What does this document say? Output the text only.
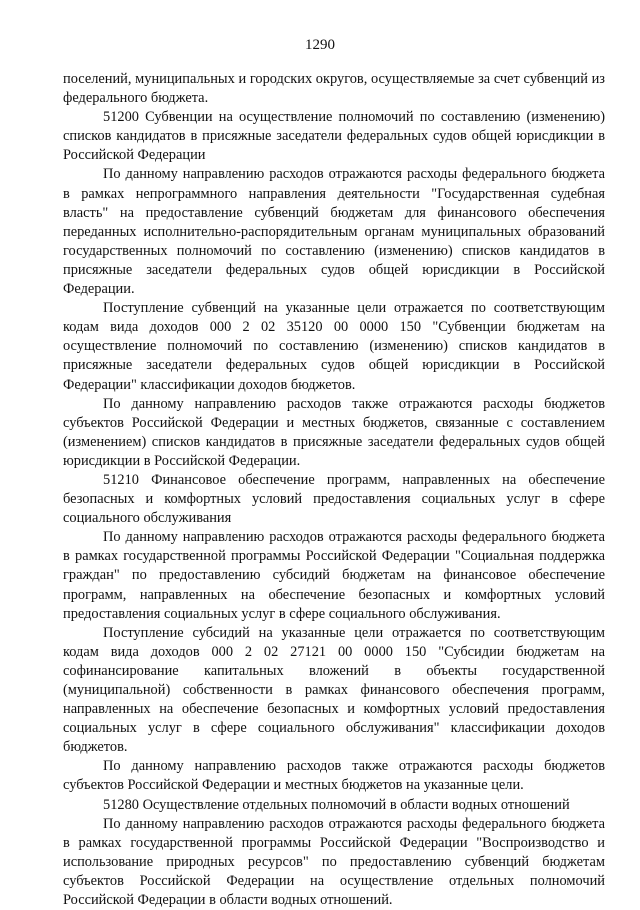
1290

поселений, муниципальных и городских округов, осуществляемые за счет субвенций из федерального бюджета.

51200 Субвенции на осуществление полномочий по составлению (изменению) списков кандидатов в присяжные заседатели федеральных судов общей юрисдикции в Российской Федерации

По данному направлению расходов отражаются расходы федерального бюджета в рамках непрограммного направления деятельности "Государственная судебная власть" на предоставление субвенций бюджетам для финансового обеспечения переданных исполнительно-распорядительным органам муниципальных образований государственных полномочий по составлению (изменению) списков кандидатов в присяжные заседатели федеральных судов общей юрисдикции в Российской Федерации.

Поступление субвенций на указанные цели отражается по соответствующим кодам вида доходов 000 2 02 35120 00 0000 150 "Субвенции бюджетам на осуществление полномочий по составлению (изменению) списков кандидатов в присяжные заседатели федеральных судов общей юрисдикции в Российской Федерации" классификации доходов бюджетов.

По данному направлению расходов также отражаются расходы бюджетов субъектов Российской Федерации и местных бюджетов, связанные с составлением (изменением) списков кандидатов в присяжные заседатели федеральных судов общей юрисдикции в Российской Федерации.

51210 Финансовое обеспечение программ, направленных на обеспечение безопасных и комфортных условий предоставления социальных услуг в сфере социального обслуживания

По данному направлению расходов отражаются расходы федерального бюджета в рамках государственной программы Российской Федерации "Социальная поддержка граждан" по предоставлению субсидий бюджетам на финансовое обеспечение программ, направленных на обеспечение безопасных и комфортных условий предоставления социальных услуг в сфере социального обслуживания.

Поступление субсидий на указанные цели отражается по соответствующим кодам вида доходов 000 2 02 27121 00 0000 150 "Субсидии бюджетам на софинансирование капитальных вложений в объекты государственной (муниципальной) собственности в рамках финансового обеспечения программ, направленных на обеспечение безопасных и комфортных условий предоставления социальных услуг в сфере социального обслуживания" классификации доходов бюджетов.

По данному направлению расходов также отражаются расходы бюджетов субъектов Российской Федерации и местных бюджетов на указанные цели.

51280 Осуществление отдельных полномочий в области водных отношений

По данному направлению расходов отражаются расходы федерального бюджета в рамках государственной программы Российской Федерации "Воспроизводство и использование природных ресурсов" по предоставлению субвенций бюджетам субъектов Российской Федерации на осуществление отдельных полномочий Российской Федерации в области водных отношений.
